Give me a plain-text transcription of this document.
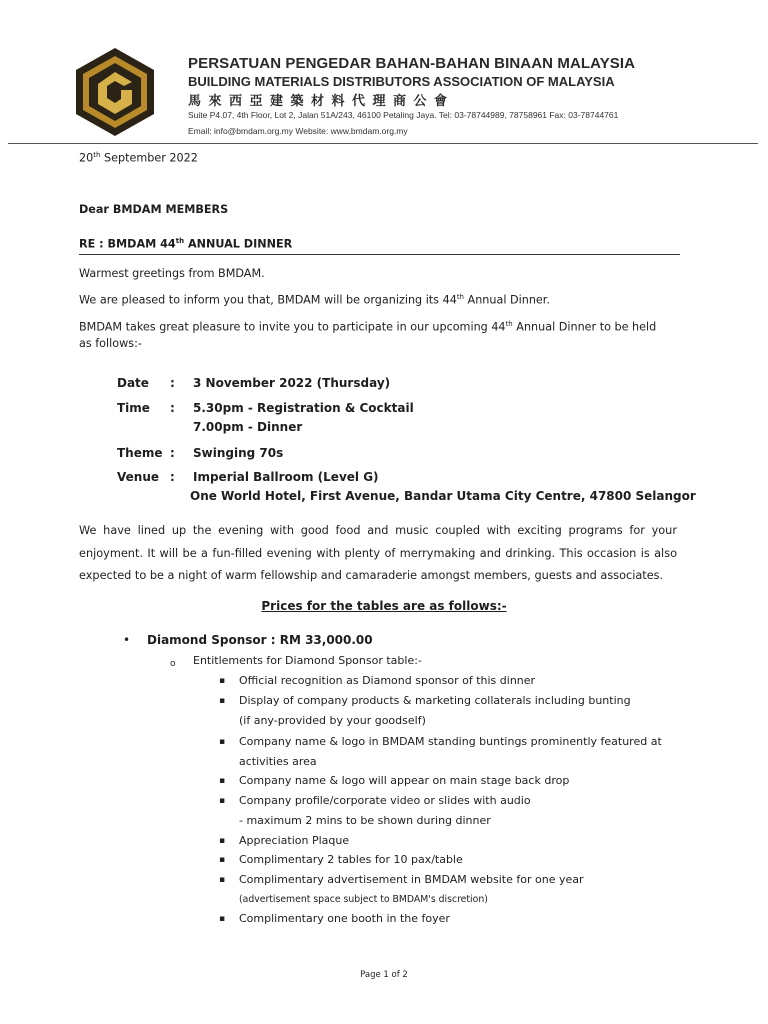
PERSATUAN PENGEDAR BAHAN-BAHAN BINAAN MALAYSIA
BUILDING MATERIALS DISTRIBUTORS ASSOCIATION OF MALAYSIA
馬來西亞建築材料代理商公會
Suite P4.07, 4th Floor, Lot 2, Jalan 51A/243, 46100 Petaling Jaya. Tel: 03-78744989, 78758961 Fax: 03-78744761
Email: info@bmdam.org.my Website: www.bmdam.org.my
20th September 2022
Dear BMDAM MEMBERS
RE : BMDAM 44th ANNUAL DINNER
Warmest greetings from BMDAM.
We are pleased to inform you that, BMDAM will be organizing its 44th Annual Dinner.
BMDAM takes great pleasure to invite you to participate in our upcoming 44th Annual Dinner to be held
as follows:-
Date : 3 November 2022 (Thursday)
Time : 5.30pm - Registration & Cocktail
7.00pm - Dinner
Theme : Swinging 70s
Venue : Imperial Ballroom (Level G)
One World Hotel, First Avenue, Bandar Utama City Centre, 47800 Selangor
We have lined up the evening with good food and music coupled with exciting programs for your enjoyment. It will be a fun-filled evening with plenty of merrymaking and drinking. This occasion is also expected to be a night of warm fellowship and camaraderie amongst members, guests and associates.
Prices for the tables are as follows:-
• Diamond Sponsor : RM 33,000.00
o Entitlements for Diamond Sponsor table:-
▪ Official recognition as Diamond sponsor of this dinner
▪ Display of company products & marketing collaterals including bunting
(if any-provided by your goodself)
▪ Company name & logo in BMDAM standing buntings prominently featured at
activities area
▪ Company name & logo will appear on main stage back drop
▪ Company profile/corporate video or slides with audio
- maximum 2 mins to be shown during dinner
▪ Appreciation Plaque
▪ Complimentary 2 tables for 10 pax/table
▪ Complimentary advertisement in BMDAM website for one year
(advertisement space subject to BMDAM's discretion)
▪ Complimentary one booth in the foyer
Page 1 of 2
